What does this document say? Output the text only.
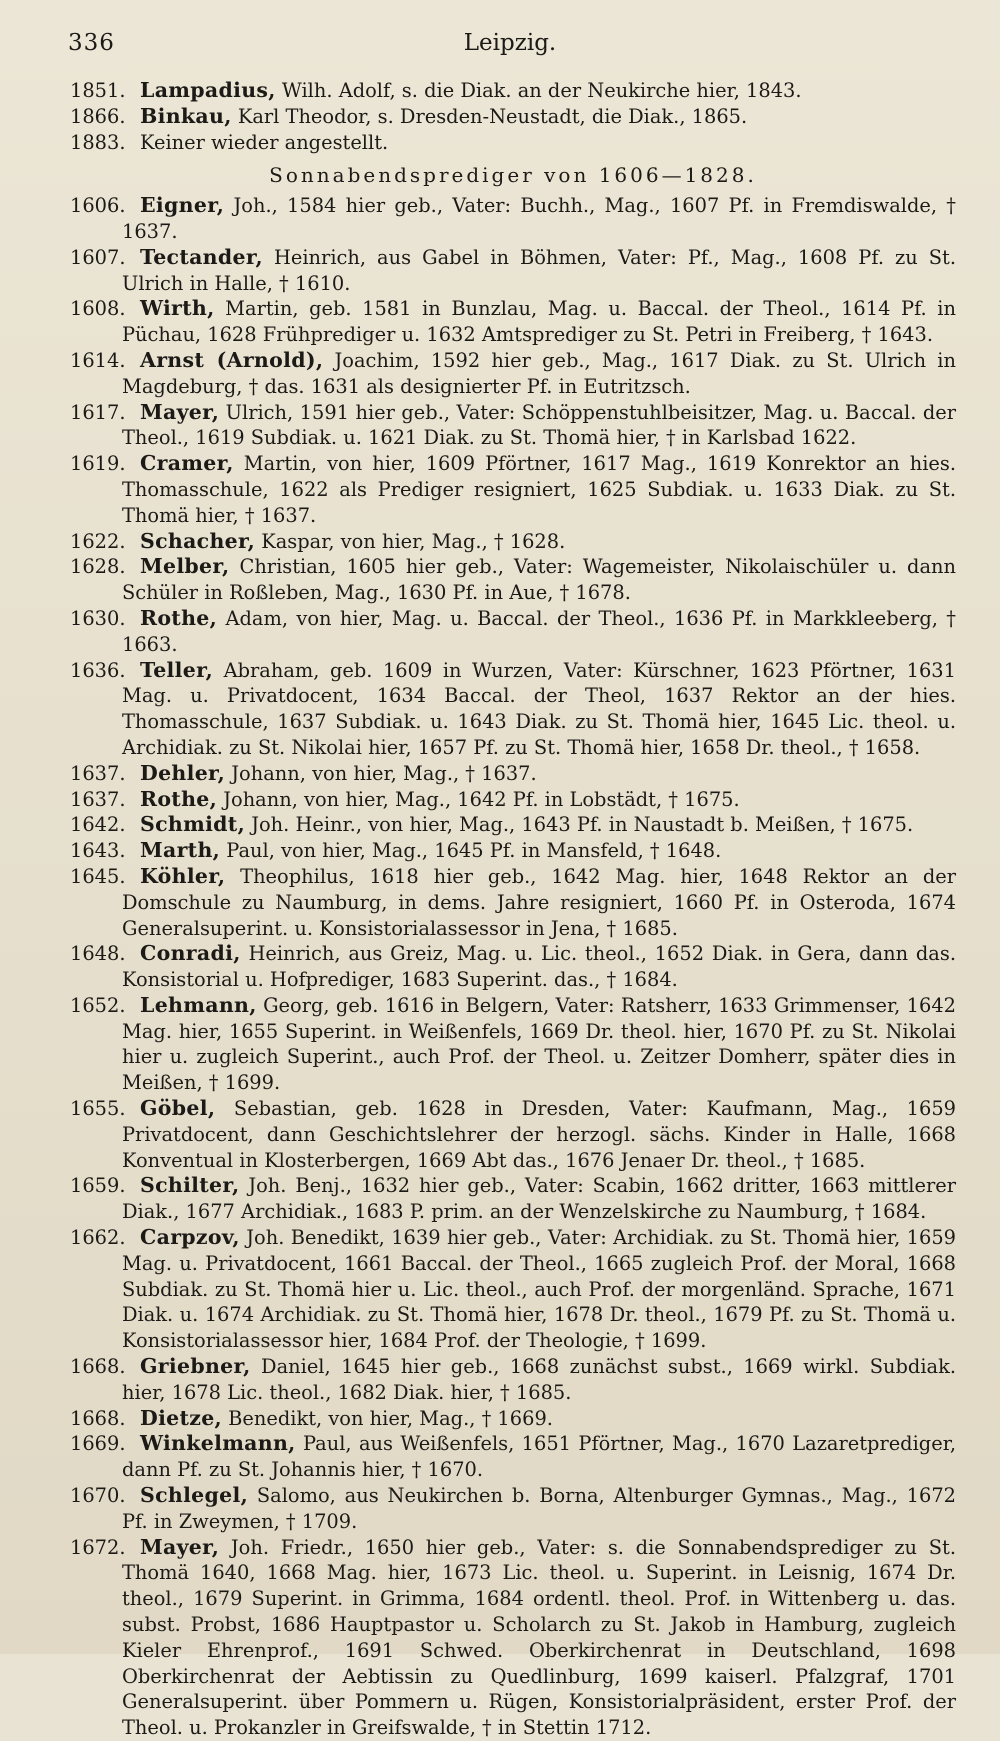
336	Leipzig.

1851. Lampadius, Wilh. Adolf, s. die Diak. an der Neukirche hier, 1843.

1866. Binkau, Karl Theodor, s. Dresden-Neustadt, die Diak., 1865.

1883. Keiner wieder angestellt.

Sonnabendsprediger von 1606—1828.

1606. Eigner, Joh., 1584 hier geb., Vater: Buchh., Mag., 1607 Pf. in Fremdiswalde, † 1637.

1607. Tectander, Heinrich, aus Gabel in Böhmen, Vater: Pf., Mag., 1608 Pf. zu St. Ulrich in Halle, † 1610.

1608. Wirth, Martin, geb. 1581 in Bunzlau, Mag. u. Baccal. der Theol., 1614 Pf. in Püchau, 1628 Frühprediger u. 1632 Amtsprediger zu St. Petri in Freiberg, † 1643.

1614. Arnst (Arnold), Joachim, 1592 hier geb., Mag., 1617 Diak. zu St. Ulrich in Magdeburg, † das. 1631 als designierter Pf. in Eutritzsch.

1617. Mayer, Ulrich, 1591 hier geb., Vater: Schöppenstuhlbeisitzer, Mag. u. Baccal. der Theol., 1619 Subdiak. u. 1621 Diak. zu St. Thomä hier, † in Karlsbad 1622.

1619. Cramer, Martin, von hier, 1609 Pförtner, 1617 Mag., 1619 Konrektor an hies. Thomasschule, 1622 als Prediger resigniert, 1625 Subdiak. u. 1633 Diak. zu St. Thomä hier, † 1637.

1622. Schacher, Kaspar, von hier, Mag., † 1628.

1628. Melber, Christian, 1605 hier geb., Vater: Wagemeister, Nikolaischüler u. dann Schüler in Roßleben, Mag., 1630 Pf. in Aue, † 1678.

1630. Rothe, Adam, von hier, Mag. u. Baccal. der Theol., 1636 Pf. in Markkleeberg, † 1663.

1636. Teller, Abraham, geb. 1609 in Wurzen, Vater: Kürschner, 1623 Pförtner, 1631 Mag. u. Privatdocent, 1634 Baccal. der Theol, 1637 Rektor an der hies. Thomasschule, 1637 Subdiak. u. 1643 Diak. zu St. Thomä hier, 1645 Lic. theol. u. Archidiak. zu St. Nikolai hier, 1657 Pf. zu St. Thomä hier, 1658 Dr. theol., † 1658.

1637. Dehler, Johann, von hier, Mag., † 1637.

1637. Rothe, Johann, von hier, Mag., 1642 Pf. in Lobstädt, † 1675.

1642. Schmidt, Joh. Heinr., von hier, Mag., 1643 Pf. in Naustadt b. Meißen, † 1675.

1643. Marth, Paul, von hier, Mag., 1645 Pf. in Mansfeld, † 1648.

1645. Köhler, Theophilus, 1618 hier geb., 1642 Mag. hier, 1648 Rektor an der Domschule zu Naumburg, in dems. Jahre resigniert, 1660 Pf. in Osteroda, 1674 Generalsuperint. u. Konsistorialassessor in Jena, † 1685.

1648. Conradi, Heinrich, aus Greiz, Mag. u. Lic. theol., 1652 Diak. in Gera, dann das. Konsistorial u. Hofprediger, 1683 Superint. das., † 1684.

1652. Lehmann, Georg, geb. 1616 in Belgern, Vater: Ratsherr, 1633 Grimmenser, 1642 Mag. hier, 1655 Superint. in Weißenfels, 1669 Dr. theol. hier, 1670 Pf. zu St. Nikolai hier u. zugleich Superint., auch Prof. der Theol. u. Zeitzer Domherr, später dies in Meißen, † 1699.

1655. Göbel, Sebastian, geb. 1628 in Dresden, Vater: Kaufmann, Mag., 1659 Privatdocent, dann Geschichtslehrer der herzogl. sächs. Kinder in Halle, 1668 Konventual in Klosterbergen, 1669 Abt das., 1676 Jenaer Dr. theol., † 1685.

1659. Schilter, Joh. Benj., 1632 hier geb., Vater: Scabin, 1662 dritter, 1663 mittlerer Diak., 1677 Archidiak., 1683 P. prim. an der Wenzelskirche zu Naumburg, † 1684.

1662. Carpzov, Joh. Benedikt, 1639 hier geb., Vater: Archidiak. zu St. Thomä hier, 1659 Mag. u. Privatdocent, 1661 Baccal. der Theol., 1665 zugleich Prof. der Moral, 1668 Subdiak. zu St. Thomä hier u. Lic. theol., auch Prof. der morgenländ. Sprache, 1671 Diak. u. 1674 Archidiak. zu St. Thomä hier, 1678 Dr. theol., 1679 Pf. zu St. Thomä u. Konsistorialassessor hier, 1684 Prof. der Theologie, † 1699.

1668. Griebner, Daniel, 1645 hier geb., 1668 zunächst subst., 1669 wirkl. Subdiak. hier, 1678 Lic. theol., 1682 Diak. hier, † 1685.

1668. Dietze, Benedikt, von hier, Mag., † 1669.

1669. Winkelmann, Paul, aus Weißenfels, 1651 Pförtner, Mag., 1670 Lazaretprediger, dann Pf. zu St. Johannis hier, † 1670.

1670. Schlegel, Salomo, aus Neukirchen b. Borna, Altenburger Gymnas., Mag., 1672 Pf. in Zweymen, † 1709.

1672. Mayer, Joh. Friedr., 1650 hier geb., Vater: s. die Sonnabendsprediger zu St. Thomä 1640, 1668 Mag. hier, 1673 Lic. theol. u. Superint. in Leisnig, 1674 Dr. theol., 1679 Superint. in Grimma, 1684 ordentl. theol. Prof. in Wittenberg u. das. subst. Probst, 1686 Hauptpastor u. Scholarch zu St. Jakob in Hamburg, zugleich Kieler Ehrenprof., 1691 Schwed. Oberkirchenrat in Deutschland, 1698 Oberkirchenrat der Aebtissin zu Quedlinburg, 1699 kaiserl. Pfalzgraf, 1701 Generalsuperint. über Pommern u. Rügen, Konsistorialpräsident, erster Prof. der Theol. u. Prokanzler in Greifswalde, † in Stettin 1712.
